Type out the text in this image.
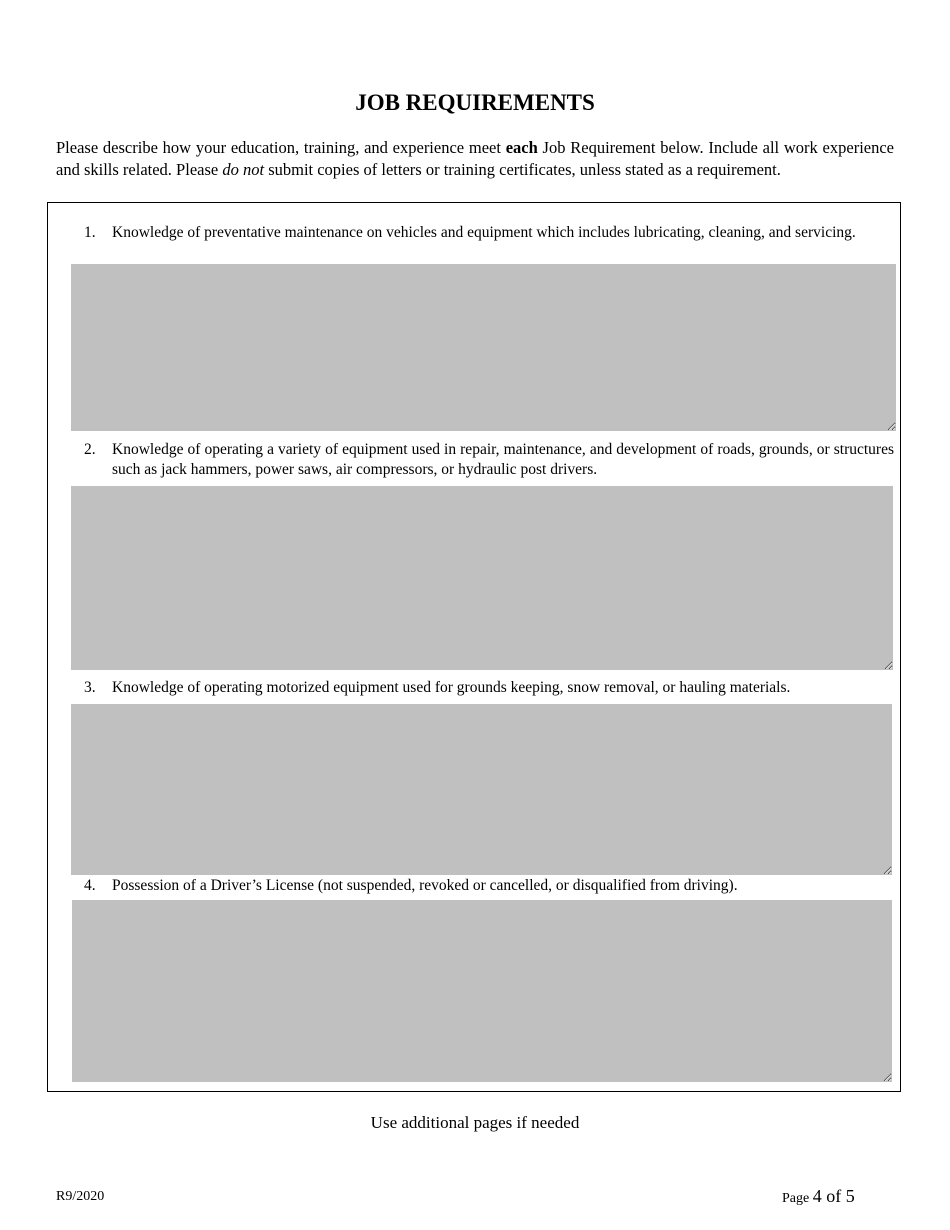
JOB REQUIREMENTS

Please describe how your education, training, and experience meet each Job Requirement below. Include all work experience and skills related. Please do not submit copies of letters or training certificates, unless stated as a requirement.

1. Knowledge of preventative maintenance on vehicles and equipment which includes lubricating, cleaning, and servicing.
2. Knowledge of operating a variety of equipment used in repair, maintenance, and development of roads, grounds, or structures such as jack hammers, power saws, air compressors, or hydraulic post drivers.
3. Knowledge of operating motorized equipment used for grounds keeping, snow removal, or hauling materials.
4. Possession of a Driver’s License (not suspended, revoked or cancelled, or disqualified from driving).
Use additional pages if needed
R9/2020	Page 4 of 5
